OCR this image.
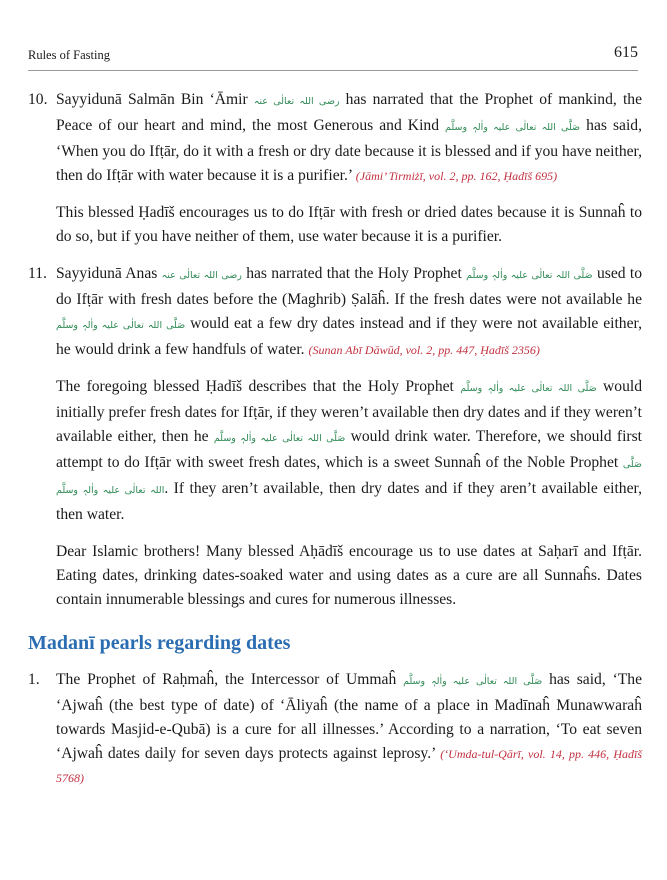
Rules of Fasting	615
10. Sayyidunā Salmān Bin ‘Āmir رضی اللہ تعالٰی عنہ has narrated that the Prophet of mankind, the Peace of our heart and mind, the most Generous and Kind صَلَّی اللہ تعالٰی علیہ واٰلہٖ وسلَّم has said, ‘When you do Ifṭār, do it with a fresh or dry date because it is blessed and if you have neither, then do Ifṭār with water because it is a purifier.’ (Jāmi’ Tirmiżī, vol. 2, pp. 162, Ḥadīš 695)

This blessed Ḥadīš encourages us to do Ifṭār with fresh or dried dates because it is Sunnaĥ to do so, but if you have neither of them, use water because it is a purifier.

11. Sayyidunā Anas رضی اللہ تعالٰی عنہ has narrated that the Holy Prophet صَلَّی اللہ تعالٰی علیہ واٰلہٖ وسلَّم used to do Ifṭār with fresh dates before the (Maghrib) Ṣalāĥ. If the fresh dates were not available he صَلَّی اللہ تعالٰی علیہ واٰلہٖ وسلَّم would eat a few dry dates instead and if they were not available either, he would drink a few handfuls of water. (Sunan Abī Dāwūd, vol. 2, pp. 447, Ḥadīš 2356)

The foregoing blessed Ḥadīš describes that the Holy Prophet صَلَّی اللہ تعالٰی علیہ واٰلہٖ وسلَّم would initially prefer fresh dates for Ifṭār, if they weren’t available then dry dates and if they weren’t available either, then he صَلَّی اللہ تعالٰی علیہ واٰلہٖ وسلَّم would drink water. Therefore, we should first attempt to do Ifṭār with sweet fresh dates, which is a sweet Sunnaĥ of the Noble Prophet صَلَّی اللہ تعالٰی علیہ واٰلہٖ وسلَّم. If they aren’t available, then dry dates and if they aren’t available either, then water.

Dear Islamic brothers! Many blessed Aḥādīš encourage us to use dates at Saḥarī and Ifṭār. Eating dates, drinking dates-soaked water and using dates as a cure are all Sunnaĥs. Dates contain innumerable blessings and cures for numerous illnesses.

Madanī pearls regarding dates
1. The Prophet of Raḥmaĥ, the Intercessor of Ummaĥ صَلَّی اللہ تعالٰی علیہ واٰلہٖ وسلَّم has said, ‘The ‘Ajwaĥ (the best type of date) of ‘Āliyaĥ (the name of a place in Madīnaĥ Munawwaraĥ towards Masjid-e-Qubā) is a cure for all illnesses.’ According to a narration, ‘To eat seven ‘Ajwaĥ dates daily for seven days protects against leprosy.’ (‘Umda-tul-Qārī, vol. 14, pp. 446, Ḥadīš 5768)
